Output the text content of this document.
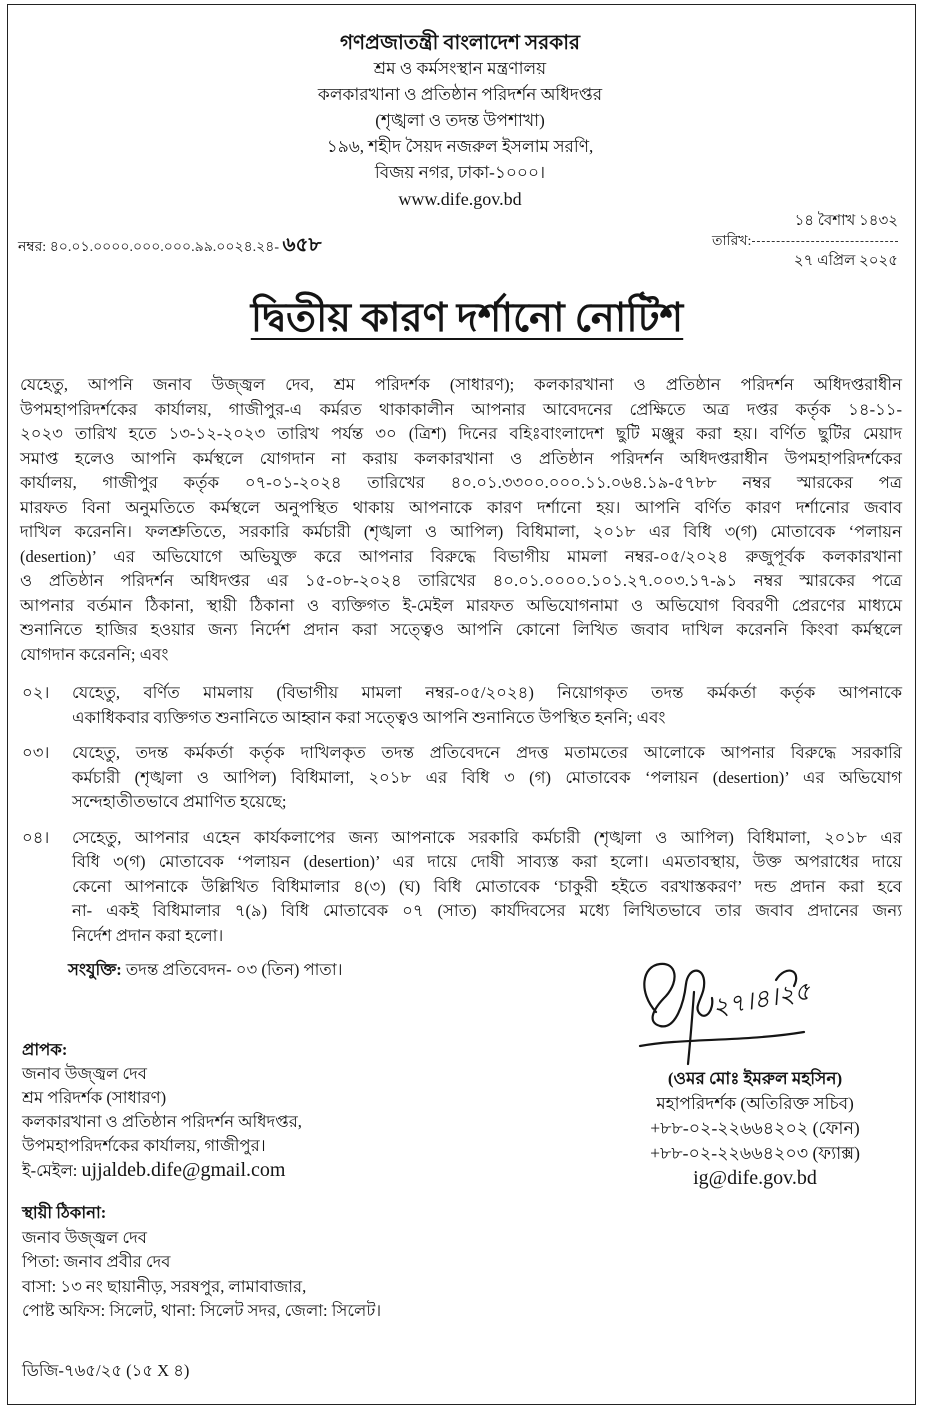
গণপ্রজাতন্ত্রী বাংলাদেশ সরকার
শ্রম ও কর্মসংস্থান মন্ত্রণালয়
কলকারখানা ও প্রতিষ্ঠান পরিদর্শন অধিদপ্তর
(শৃঙ্খলা ও তদন্ত উপশাখা)
১৯৬, শহীদ সৈয়দ নজরুল ইসলাম সরণি,
বিজয় নগর, ঢাকা-১০০০।
www.dife.gov.bd
নম্বর: ৪০.০১.০০০০.০০০.০০০.৯৯.০০২৪.২৪- ৬৫৮	তারিখ:
১৪ বৈশাখ ১৪৩২
২৭ এপ্রিল ২০২৫
দ্বিতীয় কারণ দর্শানো নোটিশ
যেহেতু, আপনি জনাব উজ্জ্বল দেব, শ্রম পরিদর্শক (সাধারণ); কলকারখানা ও প্রতিষ্ঠান পরিদর্শন অধিদপ্তরাধীন
উপমহাপরিদর্শকের কার্যালয়, গাজীপুর-এ কর্মরত থাকাকালীন আপনার আবেদনের প্রেক্ষিতে অত্র দপ্তর কর্তৃক ১৪-১১-
২০২৩ তারিখ হতে ১৩-১২-২০২৩ তারিখ পর্যন্ত ৩০ (ত্রিশ) দিনের বহিঃবাংলাদেশ ছুটি মঞ্জুর করা হয়। বর্ণিত ছুটির মেয়াদ
সমাপ্ত হলেও আপনি কর্মস্থলে যোগদান না করায় কলকারখানা ও প্রতিষ্ঠান পরিদর্শন অধিদপ্তরাধীন উপমহাপরিদর্শকের
কার্যালয়, গাজীপুর কর্তৃক ০৭-০১-২০২৪ তারিখের ৪০.০১.৩৩০০.০০০.১১.০৬৪.১৯-৫৭৮৮ নম্বর স্মারকের পত্র
মারফত বিনা অনুমতিতে কর্মস্থলে অনুপস্থিত থাকায় আপনাকে কারণ দর্শানো হয়। আপনি বর্ণিত কারণ দর্শানোর জবাব
দাখিল করেননি। ফলশ্রুতিতে, সরকারি কর্মচারী (শৃঙ্খলা ও আপিল) বিধিমালা, ২০১৮ এর বিধি ৩(গ) মোতাবেক ‘পলায়ন
(desertion)’ এর অভিযোগে অভিযুক্ত করে আপনার বিরুদ্ধে বিভাগীয় মামলা নম্বর-০৫/২০২৪ রুজুপূর্বক কলকারখানা
ও প্রতিষ্ঠান পরিদর্শন অধিদপ্তর এর ১৫-০৮-২০২৪ তারিখের ৪০.০১.০০০০.১০১.২৭.০০৩.১৭-৯১ নম্বর স্মারকের পত্রে
আপনার বর্তমান ঠিকানা, স্থায়ী ঠিকানা ও ব্যক্তিগত ই-মেইল মারফত অভিযোগনামা ও অভিযোগ বিবরণী প্রেরণের মাধ্যমে
শুনানিতে হাজির হওয়ার জন্য নির্দেশ প্রদান করা সত্ত্বেও আপনি কোনো লিখিত জবাব দাখিল করেননি কিংবা কর্মস্থলে
যোগদান করেননি; এবং
০২।	যেহেতু, বর্ণিত মামলায় (বিভাগীয় মামলা নম্বর-০৫/২০২৪) নিয়োগকৃত তদন্ত কর্মকর্তা কর্তৃক আপনাকে
একাধিকবার ব্যক্তিগত শুনানিতে আহ্বান করা সত্ত্বেও আপনি শুনানিতে উপস্থিত হননি; এবং
০৩।	যেহেতু, তদন্ত কর্মকর্তা কর্তৃক দাখিলকৃত তদন্ত প্রতিবেদনে প্রদত্ত মতামতের আলোকে আপনার বিরুদ্ধে সরকারি
কর্মচারী (শৃঙ্খলা ও আপিল) বিধিমালা, ২০১৮ এর বিধি ৩ (গ) মোতাবেক ‘পলায়ন (desertion)’ এর অভিযোগ
সন্দেহাতীতভাবে প্রমাণিত হয়েছে;
০৪।	সেহেতু, আপনার এহেন কার্যকলাপের জন্য আপনাকে সরকারি কর্মচারী (শৃঙ্খলা ও আপিল) বিধিমালা, ২০১৮ এর
বিধি ৩(গ) মোতাবেক ‘পলায়ন (desertion)’ এর দায়ে দোষী সাব্যস্ত করা হলো। এমতাবস্থায়, উক্ত অপরাধের দায়ে
কেনো আপনাকে উল্লিখিত বিধিমালার ৪(৩) (ঘ) বিধি মোতাবেক ‘চাকুরী হইতে বরখাস্তকরণ’ দন্ড প্রদান করা হবে
না- একই বিধিমালার ৭(৯) বিধি মোতাবেক ০৭ (সাত) কার্যদিবসের মধ্যে লিখিতভাবে তার জবাব প্রদানের জন্য
নির্দেশ প্রদান করা হলো।
সংযুক্তি: তদন্ত প্রতিবেদন- ০৩ (তিন) পাতা।
২৭।৪।২৫
(ওমর মোঃ ইমরুল মহসিন)
মহাপরিদর্শক (অতিরিক্ত সচিব)
+৮৮-০২-২২৬৬৪২০২ (ফোন)
+৮৮-০২-২২৬৬৪২০৩ (ফ্যাক্স)
ig@dife.gov.bd
প্রাপক:
জনাব উজ্জ্বল দেব
শ্রম পরিদর্শক (সাধারণ)
কলকারখানা ও প্রতিষ্ঠান পরিদর্শন অধিদপ্তর,
উপমহাপরিদর্শকের কার্যালয়, গাজীপুর।
ই-মেইল: ujjaldeb.dife@gmail.com
স্থায়ী ঠিকানা:
জনাব উজ্জ্বল দেব
পিতা: জনাব প্রবীর দেব
বাসা: ১৩ নং ছায়ানীড়, সরষপুর, লামাবাজার,
পোষ্ট অফিস: সিলেট, থানা: সিলেট সদর, জেলা: সিলেট।
ডিজি-৭৬৫/২৫ (১৫ X ৪)
